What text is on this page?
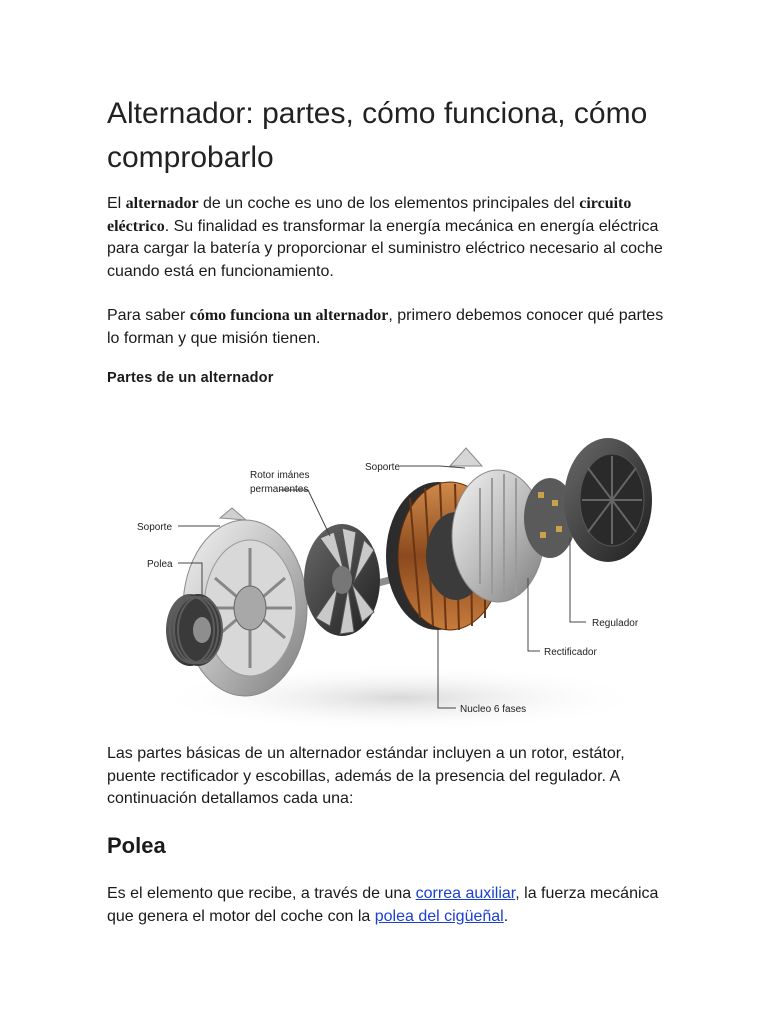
Alternador: partes, cómo funciona, cómo comprobarlo

El alternador de un coche es uno de los elementos principales del circuito eléctrico. Su finalidad es transformar la energía mecánica en energía eléctrica para cargar la batería y proporcionar el suministro eléctrico necesario al coche cuando está en funcionamiento.

Para saber cómo funciona un alternador, primero debemos conocer qué partes lo forman y que misión tienen.

Partes de un alternador

Rotor imánes
permanentes
Soporte
Soporte
Polea
Regulador
Rectificador
Nucleo 6 fases

Las partes básicas de un alternador estándar incluyen a un rotor, estátor, puente rectificador y escobillas, además de la presencia del regulador. A continuación detallamos cada una:

Polea

Es el elemento que recibe, a través de una correa auxiliar, la fuerza mecánica que genera el motor del coche con la polea del cigüeñal.
